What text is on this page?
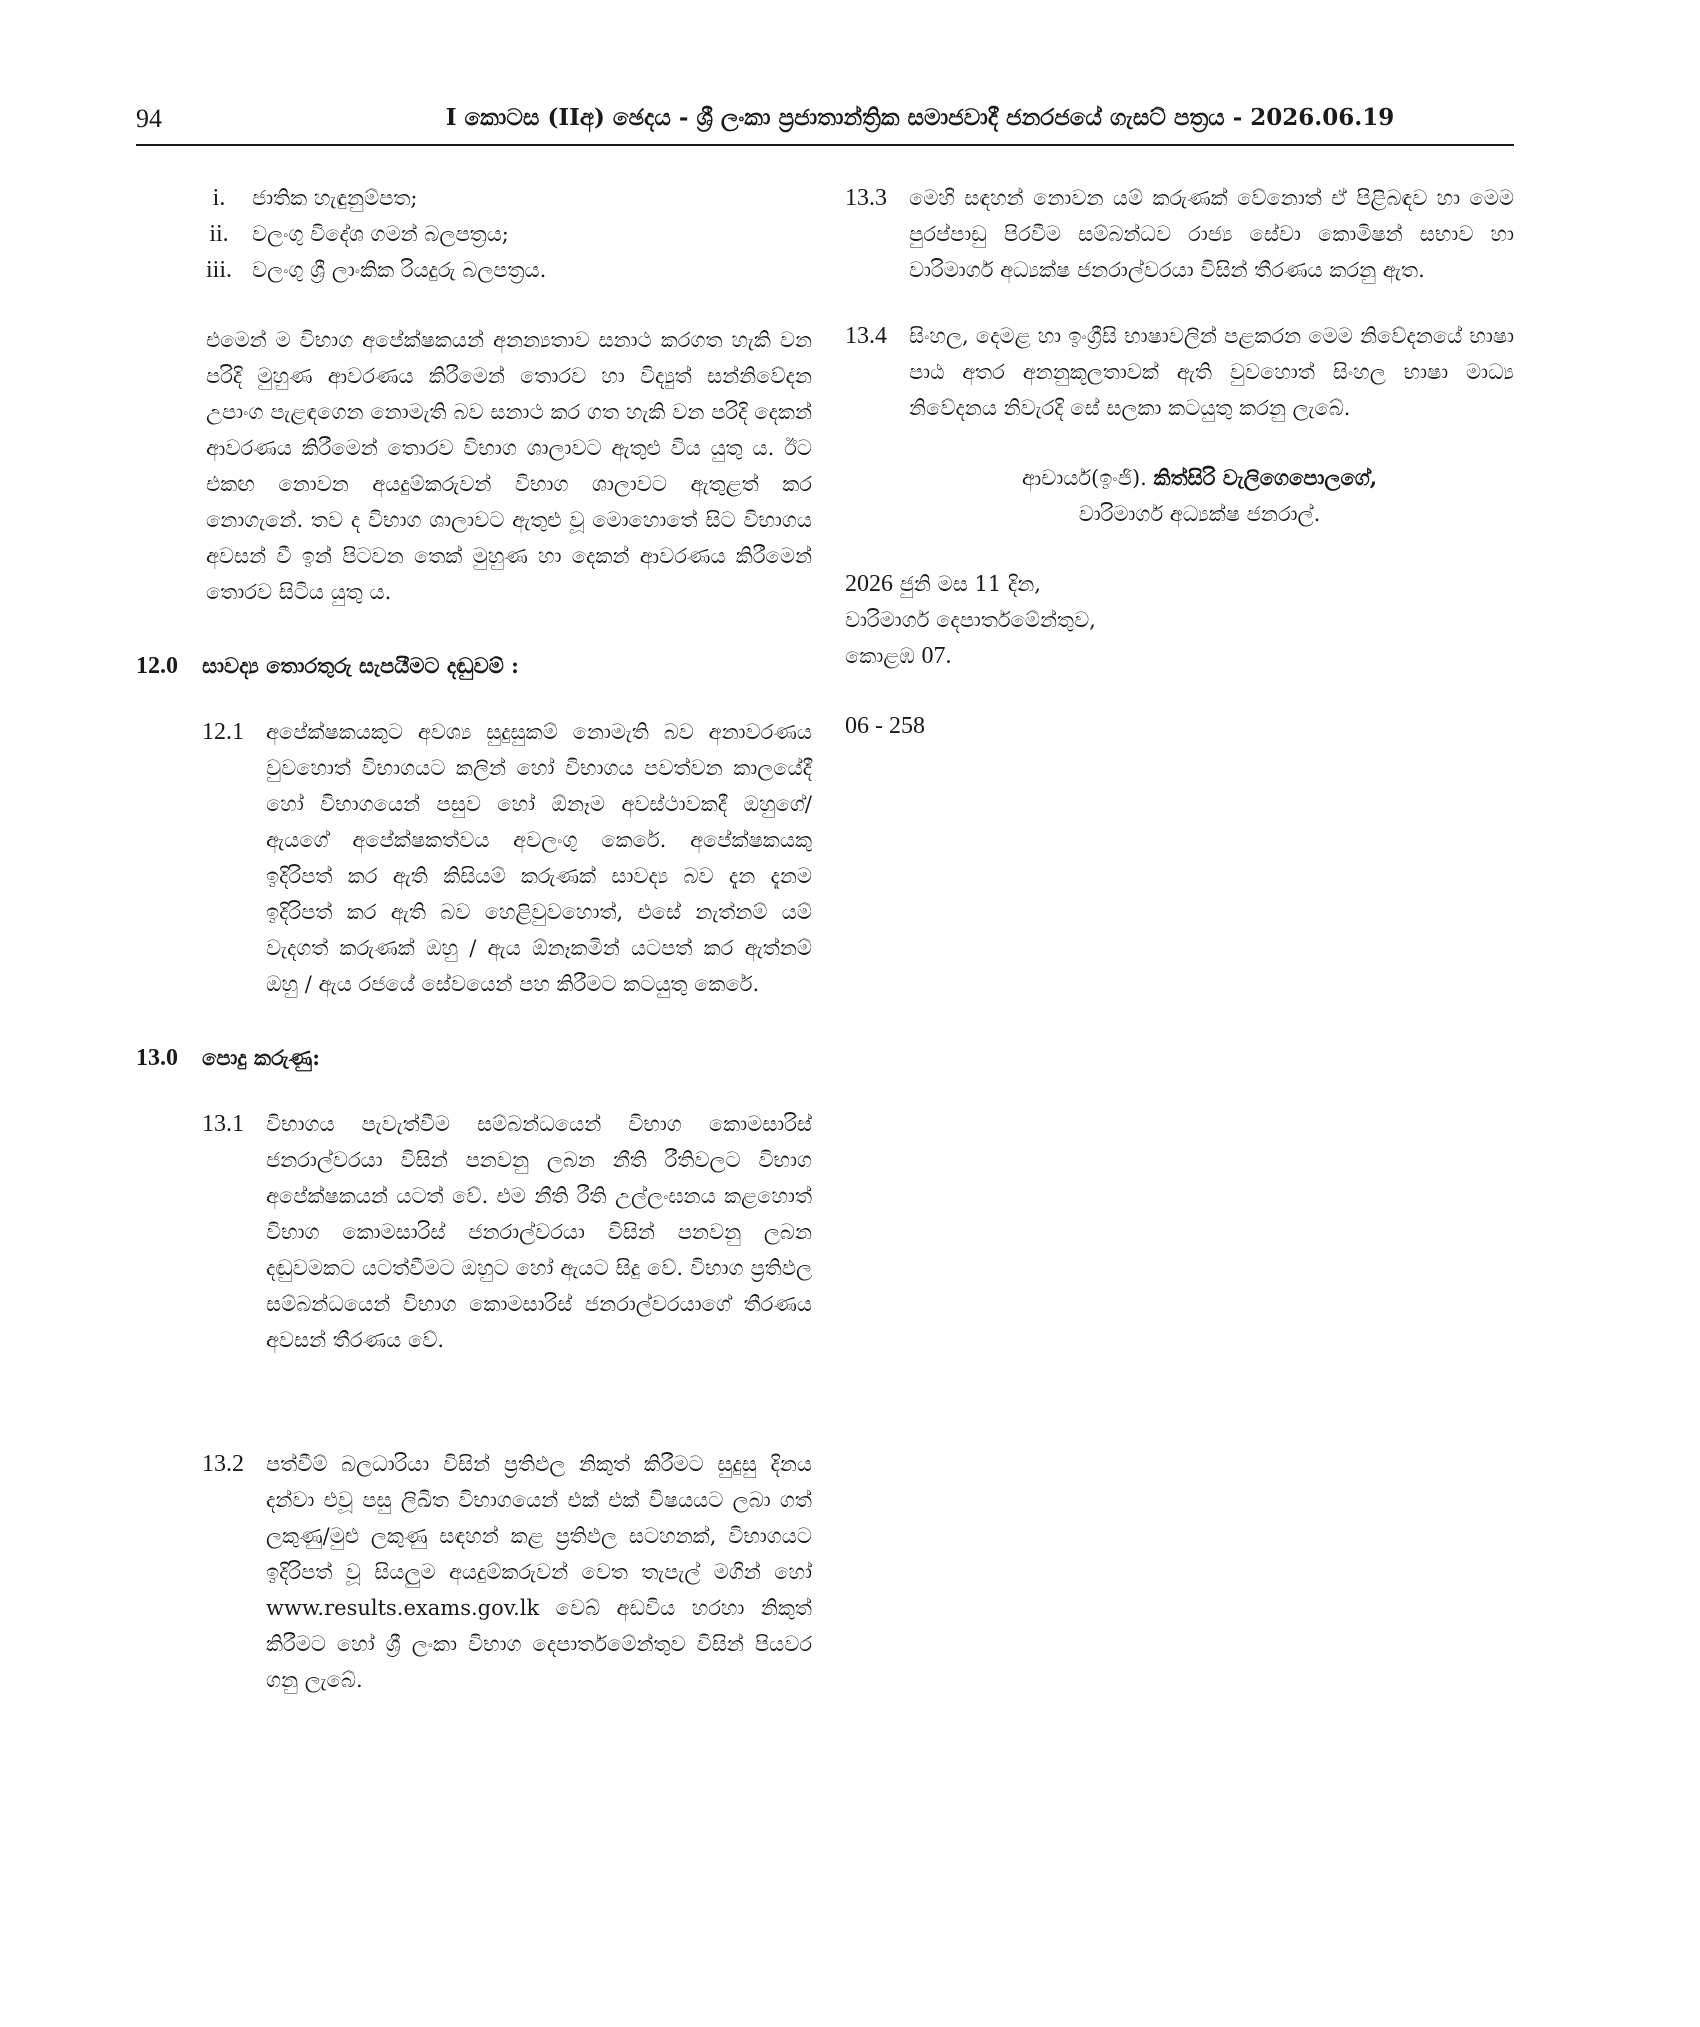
94	I කොටස (IIඅ) ඡෙදය - ශ්‍රී ලංකා ප්‍රජාතාන්ත්‍රික සමාජවාදී ජනරජයේ ගැසට් පත්‍රය - 2026.06.19
i.	ජාතික හැඳුනුම්පත;
ii.	වලංගු විදේශ ගමන් බලපත්‍රය;
iii. වලංගු ශ්‍රී ලාංකික රියදුරු බලපත්‍රය.

එමෙන් ම විභාග අපේක්ෂකයන් අනන්‍යතාව සනාථ කරගත හැකි වන පරිදි මුහුණ ආවරණය කිරීමෙන් තොරව හා විද්‍යුත් සන්නිවේදන උපාංග පැළඳගෙන නොමැති බව සනාථ කර ගත හැකි වන පරිදි දෙකන් ආවරණය කිරීමෙන් තොරව විභාග ශාලාවට ඇතුළු විය යුතු ය. ඊට එකඟ නොවන අයදුම්කරුවන් විභාග ශාලාවට ඇතුළත් කර නොගැනේ. තව ද විභාග ශාලාවට ඇතුළු වූ මොහොතේ සිට විභාගය අවසන් වී ඉන් පිටවන තෙක් මුහුණ හා දෙකන් ආවරණය කිරීමෙන් තොරව සිටිය යුතු ය.

12.0	සාවද්‍ය තොරතුරු සැපයීමට දඬුවම් :
12.1	අපේක්ෂකයකුට අවශ්‍ය සුදුසුකම් නොමැති බව අනාවරණය වුවහොත් විභාගයට කලින් හෝ විභාගය පවත්වන කාලයේදී හෝ විභාගයෙන් පසුව හෝ ඕනෑම අවස්ථාවකදී ඔහුගේ/ ඇයගේ අපේක්ෂකත්වය අවලංගු කෙරේ. අපේක්ෂකයකු ඉදිරිපත් කර ඇති කිසියම් කරුණක් සාවද්‍ය බව දැන දැනම ඉදිරිපත් කර ඇති බව හෙළිවුවහොත්, එසේ නැත්නම් යම් වැදගත් කරුණක් ඔහු / ඇය ඕනෑකමින් යටපත් කර ඇත්නම් ඔහු / ඇය රජයේ සේවයෙන් පහ කිරීමට කටයුතු කෙරේ.
13.0	පොදු කරුණු:
13.1	විභාගය පැවැත්වීම සම්බන්ධයෙන් විභාග කොමසාරිස් ජනරාල්වරයා විසින් පනවනු ලබන නීති රීතිවලට විභාග අපේක්ෂකයන් යටත් වේ. එම නීති රීති උල්ලංඝනය කළහොත් විභාග කොමසාරිස් ජනරාල්වරයා විසින් පනවනු ලබන දඬුවමකට යටත්වීමට ඔහුට හෝ ඇයට සිදු වේ. විභාග ප්‍රතිඵල සම්බන්ධයෙන් විභාග කොමසාරිස් ජනරාල්වරයාගේ තීරණය අවසන් තීරණය වේ.
13.2	පත්වීම් බලධාරියා විසින් ප්‍රතිඵල නිකුත් කිරීමට සුදුසු දිනය දන්වා එවූ පසු ලිඛිත විභාගයෙන් එක් එක් විෂයයට ලබා ගත් ලකුණු/මුළු ලකුණු සඳහන් කළ ප්‍රතිඵල සටහනක්, විභාගයට ඉදිරිපත් වූ සියලුම අයදුම්කරුවන් වෙත තැපැල් මගින් හෝ www.results.exams.gov.lk වෙබ් අඩවිය හරහා නිකුත් කිරීමට හෝ ශ්‍රී ලංකා විභාග දෙපාර්තමේන්තුව විසින් පියවර ගනු ලැබේ.
13.3	මෙහි සඳහන් නොවන යම් කරුණක් වේනොත් ඒ පිළිබඳව හා මෙම පුරප්පාඩු පිරවීම සම්බන්ධව රාජ්‍ය සේවා කොමිෂන් සභාව හා වාරිමාර්ග අධ්‍යක්ෂ ජනරාල්වරයා විසින් තීරණය කරනු ඇත.
13.4	සිංහල, දෙමළ හා ඉංග්‍රීසි භාෂාවලින් පළකරන මෙම නිවේදනයේ භාෂා පාඨ අතර අනනුකූලතාවක් ඇති වුවහොත් සිංහල භාෂා මාධ්‍ය නිවේදනය නිවැරදි සේ සලකා කටයුතු කරනු ලැබේ.
ආචාර්ය(ඉංජි). කිත්සිරි වැලිගෙපොලගේ,
වාරිමාර්ග අධ්‍යක්ෂ ජනරාල්.
2026 ජුනි මස 11 දින,
වාරිමාර්ග දෙපාර්තමේන්තුව,
කොළඹ 07.
06 - 258
